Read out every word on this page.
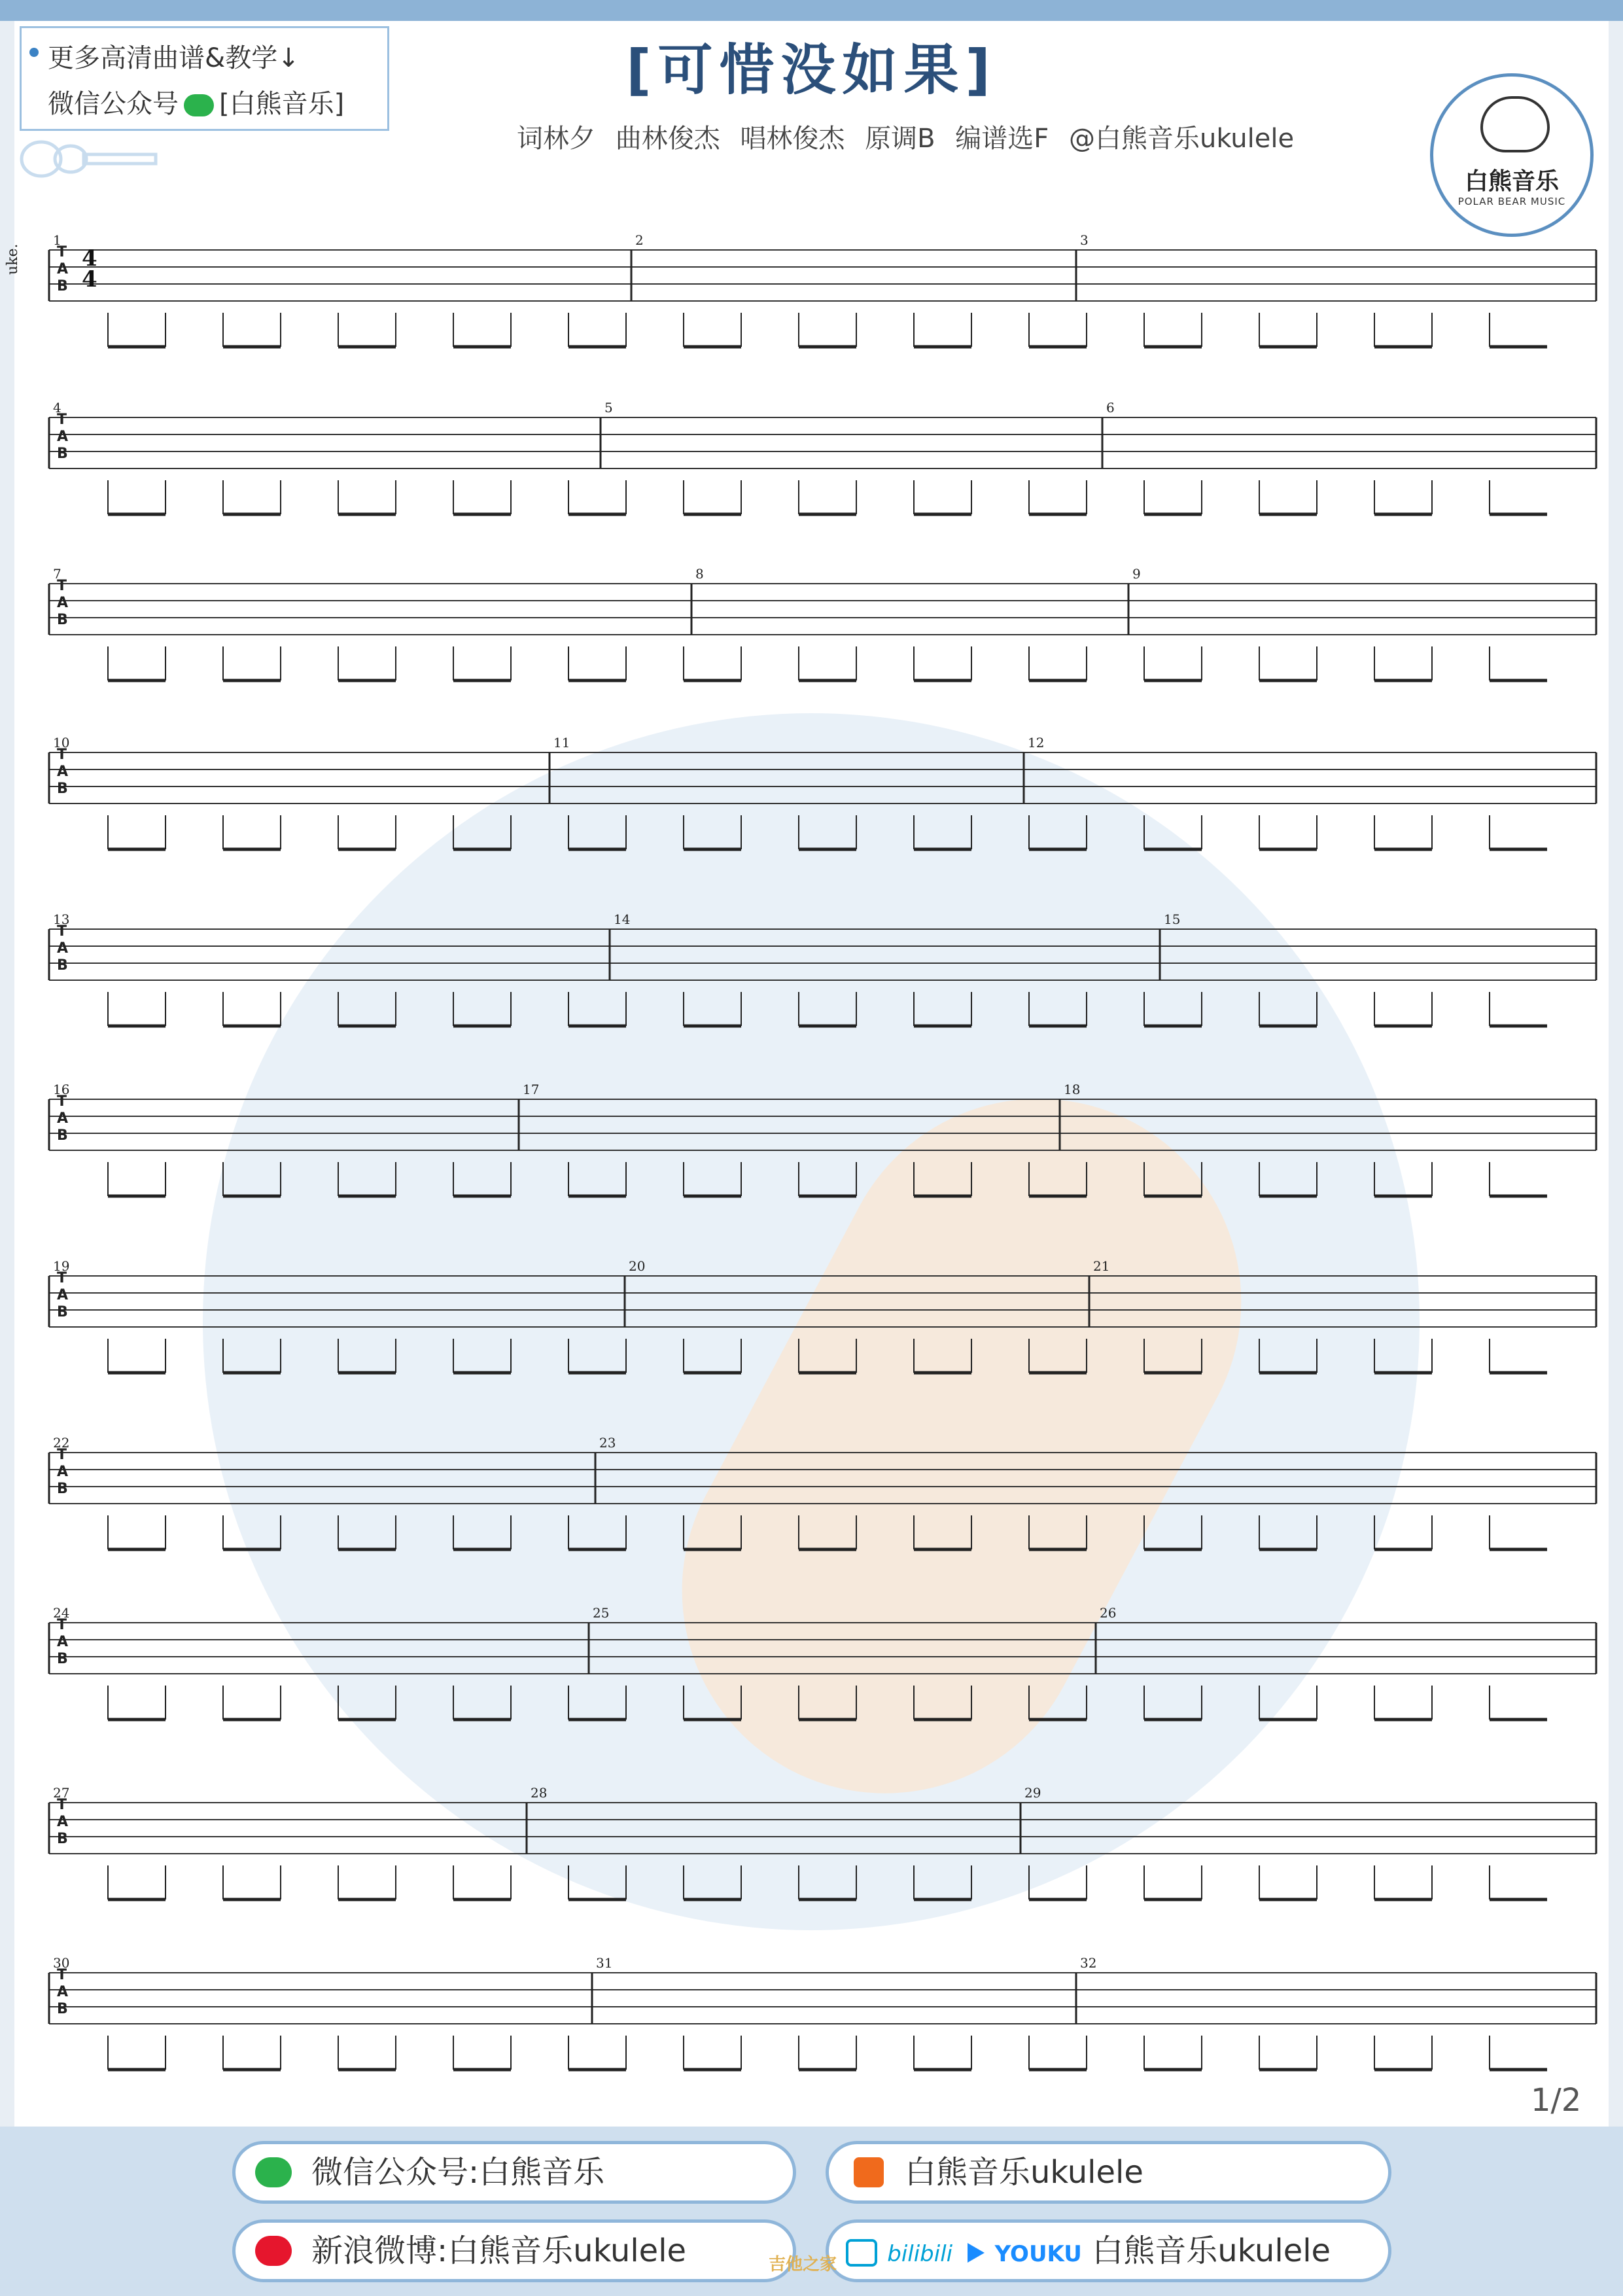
更多高清曲谱&教学↓
微信公众号 [白熊音乐]
[可惜没如果]
词林夕 曲林俊杰 唱林俊杰 原调B 编谱选F @白熊音乐ukulele
白熊音乐
POLAR BEAR MUSIC
1	2	3
T
A
B
4	5	6
T
A
B
7	8	9
T
A
B
10	11	12
T
A
B
13	14	15
T
A
B
16	17	18
T
A
B
19	20	21
T
A
B
22	23
T
A
B
24	25	26
T
A
B
27	28	29
T
A
B
30	31	32
T
A
B
uke.	4
4
1/2
微信公众号:白熊音乐	白熊音乐ukulele
新浪微博:白熊音乐ukulele	bilibili YOUKU 白熊音乐ukulele
吉他之家
